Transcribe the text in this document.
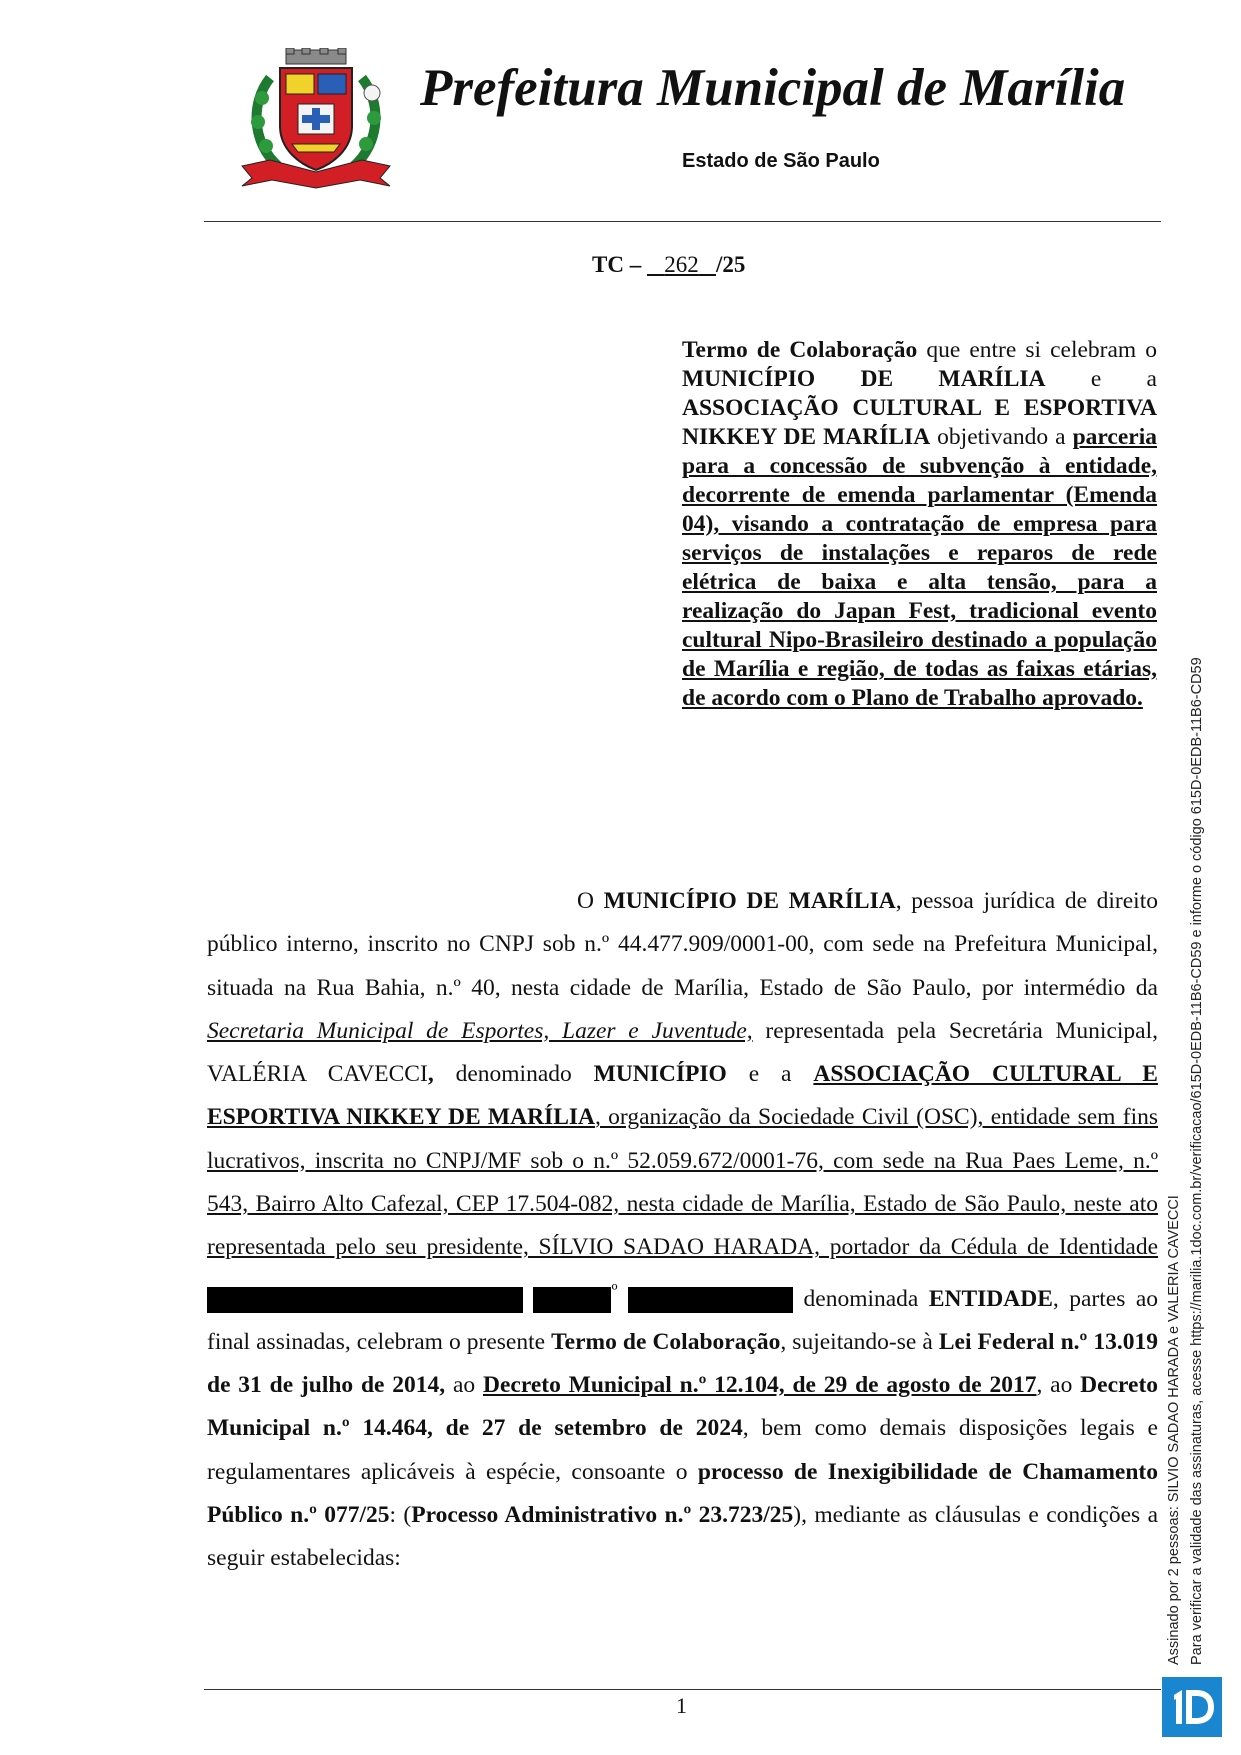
Prefeitura Municipal de Marília
Estado de São Paulo
TC – 262 /25

Termo de Colaboração que entre si celebram o MUNICÍPIO DE MARÍLIA e a ASSOCIAÇÃO CULTURAL E ESPORTIVA NIKKEY DE MARÍLIA objetivando a parceria para a concessão de subvenção à entidade, decorrente de emenda parlamentar (Emenda 04), visando a contratação de empresa para serviços de instalações e reparos de rede elétrica de baixa e alta tensão, para a realização do Japan Fest, tradicional evento cultural Nipo-Brasileiro destinado a população de Marília e região, de todas as faixas etárias, de acordo com o Plano de Trabalho aprovado.

O MUNICÍPIO DE MARÍLIA, pessoa jurídica de direito público interno, inscrito no CNPJ sob n.º 44.477.909/0001-00, com sede na Prefeitura Municipal, situada na Rua Bahia, n.º 40, nesta cidade de Marília, Estado de São Paulo, por intermédio da Secretaria Municipal de Esportes, Lazer e Juventude, representada pela Secretária Municipal, VALÉRIA CAVECCI, denominado MUNICÍPIO e a ASSOCIAÇÃO CULTURAL E ESPORTIVA NIKKEY DE MARÍLIA, organização da Sociedade Civil (OSC), entidade sem fins lucrativos, inscrita no CNPJ/MF sob o n.º 52.059.672/0001-76, com sede na Rua Paes Leme, n.º 543, Bairro Alto Cafezal, CEP 17.504-082, nesta cidade de Marília, Estado de São Paulo, neste ato representada pelo seu presidente, SÍLVIO SADAO HARADA, portador da Cédula de Identidade  $^º$	denominada ENTIDADE, partes ao final assinadas, celebram o presente Termo de Colaboração, sujeitando-se à Lei Federal n.º 13.019 de 31 de julho de 2014, ao Decreto Municipal n.º 12.104, de 29 de agosto de 2017, ao Decreto Municipal n.º 14.464, de 27 de setembro de 2024, bem como demais disposições legais e regulamentares aplicáveis à espécie, consoante o processo de Inexigibilidade de Chamamento Público n.º 077/25: (Processo Administrativo n.º 23.723/25), mediante as cláusulas e condições a seguir estabelecidas:

1
Assinado por 2 pessoas: SILVIO SADAO HARADA e VALERIA CAVECCI Para verificar a validade das assinaturas, acesse https://marilia.1doc.com.br/verificacao/615D-0EDB-11B6-CD59 e informe o código 615D-0EDB-11B6-CD59
